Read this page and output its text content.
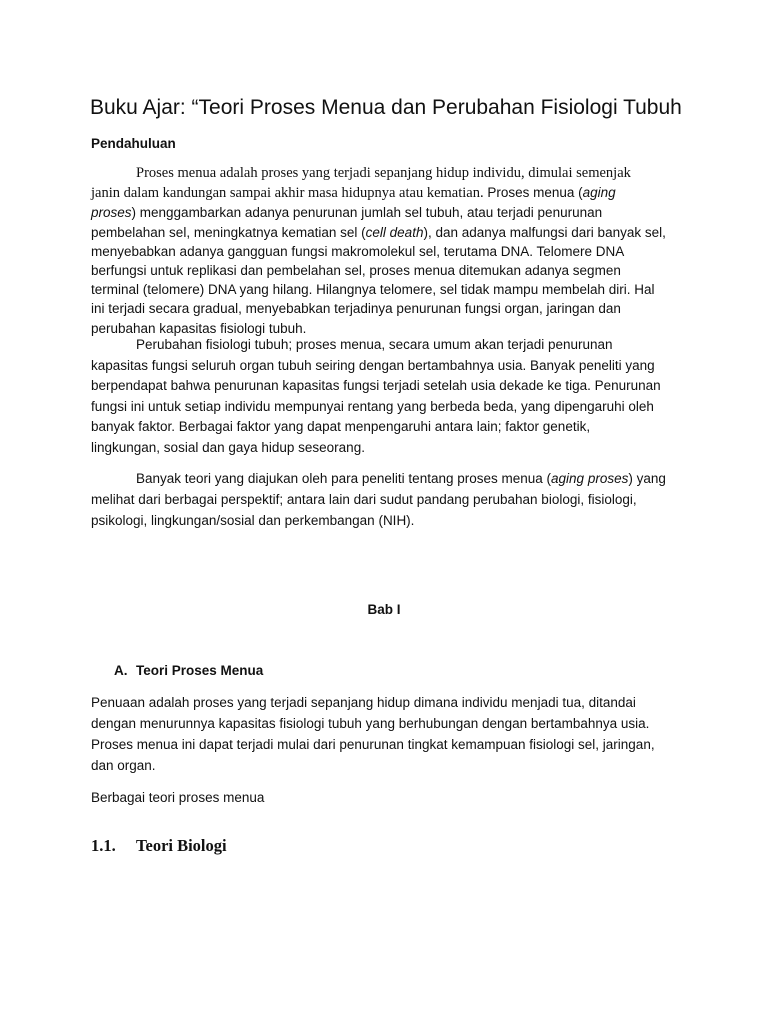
Buku Ajar: “Teori Proses Menua dan Perubahan Fisiologi Tubuh
Pendahuluan
Proses menua adalah proses yang terjadi sepanjang hidup individu, dimulai semenjak
janin dalam kandungan sampai akhir masa hidupnya atau kematian. Proses menua (aging
proses) menggambarkan adanya penurunan jumlah sel tubuh, atau terjadi penurunan
pembelahan sel, meningkatnya kematian sel (cell death), dan adanya malfungsi dari banyak sel,
menyebabkan adanya gangguan fungsi makromolekul sel, terutama DNA. Telomere DNA
berfungsi untuk replikasi dan pembelahan sel, proses menua ditemukan adanya segmen
terminal (telomere) DNA yang hilang. Hilangnya telomere, sel tidak mampu membelah diri. Hal
ini terjadi secara gradual, menyebabkan terjadinya penurunan fungsi organ, jaringan dan
perubahan kapasitas fisiologi tubuh.
Perubahan fisiologi tubuh; proses menua, secara umum akan terjadi penurunan
kapasitas fungsi seluruh organ tubuh seiring dengan bertambahnya usia. Banyak peneliti yang
berpendapat bahwa penurunan kapasitas fungsi terjadi setelah usia dekade ke tiga. Penurunan
fungsi ini untuk setiap individu mempunyai rentang yang berbeda beda, yang dipengaruhi oleh
banyak faktor. Berbagai faktor yang dapat menpengaruhi antara lain; faktor genetik,
lingkungan, sosial dan gaya hidup seseorang.
Banyak teori yang diajukan oleh para peneliti tentang proses menua (aging proses) yang
melihat dari berbagai perspektif; antara lain dari sudut pandang perubahan biologi, fisiologi,
psikologi, lingkungan/sosial dan perkembangan (NIH).
Bab I
A. Teori Proses Menua
Penuaan adalah proses yang terjadi sepanjang hidup dimana individu menjadi tua, ditandai
dengan menurunnya kapasitas fisiologi tubuh yang berhubungan dengan bertambahnya usia.
Proses menua ini dapat terjadi mulai dari penurunan tingkat kemampuan fisiologi sel, jaringan,
dan organ.

Berbagai teori proses menua

1.1. Teori Biologi
